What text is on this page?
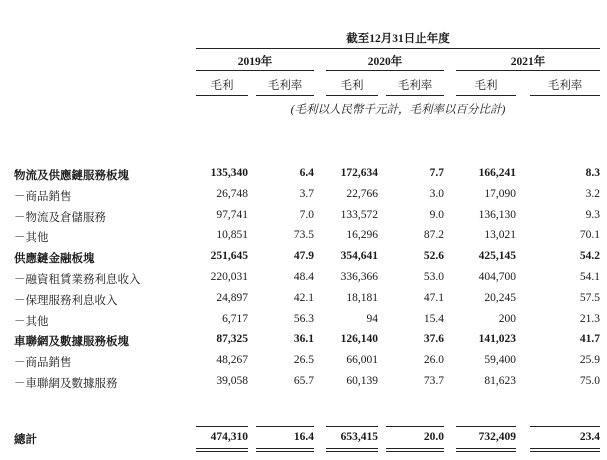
截至12月31日止年度
2019年	2020年	2021年
毛利	毛利率	毛利	毛利率	毛利	毛利率
(毛利以人民幣千元計，毛利率以百分比計)
物流及供應鏈服務板塊	135,340	6.4	172,634	7.7	166,241	8.3
－商品銷售	26,748	3.7	22,766	3.0	17,090	3.2
－物流及倉儲服務	97,741	7.0	133,572	9.0	136,130	9.3
－其他	10,851	73.5	16,296	87.2	13,021	70.1
供應鏈金融板塊	251,645	47.9	354,641	52.6	425,145	54.2
－融資租賃業務利息收入	220,031	48.4	336,366	53.0	404,700	54.1
－保理服務利息收入	24,897	42.1	18,181	47.1	20,245	57.5
－其他	6,717	56.3	94	15.4	200	21.3
車聯網及數據服務板塊	87,325	36.1	126,140	37.6	141,023	41.7
－商品銷售	48,267	26.5	66,001	26.0	59,400	25.9
－車聯網及數據服務	39,058	65.7	60,139	73.7	81,623	75.0
總計	474,310	16.4	653,415	20.0	732,409	23.4
